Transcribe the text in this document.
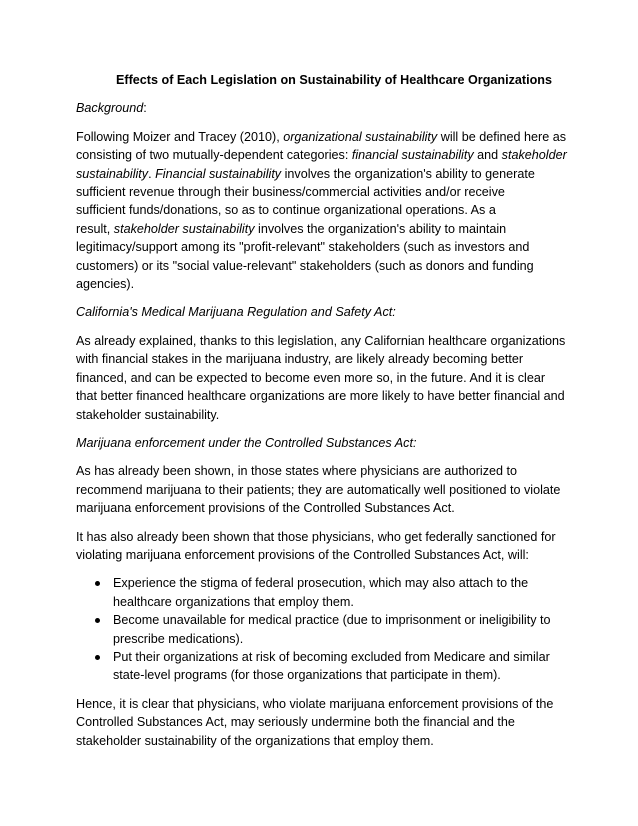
Effects of Each Legislation on Sustainability of Healthcare Organizations

Background:

Following Moizer and Tracey (2010), organizational sustainability will be defined here as
consisting of two mutually-dependent categories: financial sustainability and stakeholder
sustainability. Financial sustainability involves the organization's ability to generate
sufficient revenue through their business/commercial activities and/or receive
sufficient funds/donations, so as to continue organizational operations. As a
result, stakeholder sustainability involves the organization's ability to maintain
legitimacy/support among its "profit-relevant" stakeholders (such as investors and
customers) or its "social value-relevant" stakeholders (such as donors and funding
agencies).

California's Medical Marijuana Regulation and Safety Act:

As already explained, thanks to this legislation, any Californian healthcare organizations
with financial stakes in the marijuana industry, are likely already becoming better
financed, and can be expected to become even more so, in the future. And it is clear
that better financed healthcare organizations are more likely to have better financial and
stakeholder sustainability.

Marijuana enforcement under the Controlled Substances Act:

As has already been shown, in those states where physicians are authorized to
recommend marijuana to their patients; they are automatically well positioned to violate
marijuana enforcement provisions of the Controlled Substances Act.

It has also already been shown that those physicians, who get federally sanctioned for
violating marijuana enforcement provisions of the Controlled Substances Act, will:

Experience the stigma of federal prosecution, which may also attach to the
healthcare organizations that employ them.
Become unavailable for medical practice (due to imprisonment or ineligibility to
prescribe medications).
Put their organizations at risk of becoming excluded from Medicare and similar
state-level programs (for those organizations that participate in them).

Hence, it is clear that physicians, who violate marijuana enforcement provisions of the
Controlled Substances Act, may seriously undermine both the financial and the
stakeholder sustainability of the organizations that employ them.
